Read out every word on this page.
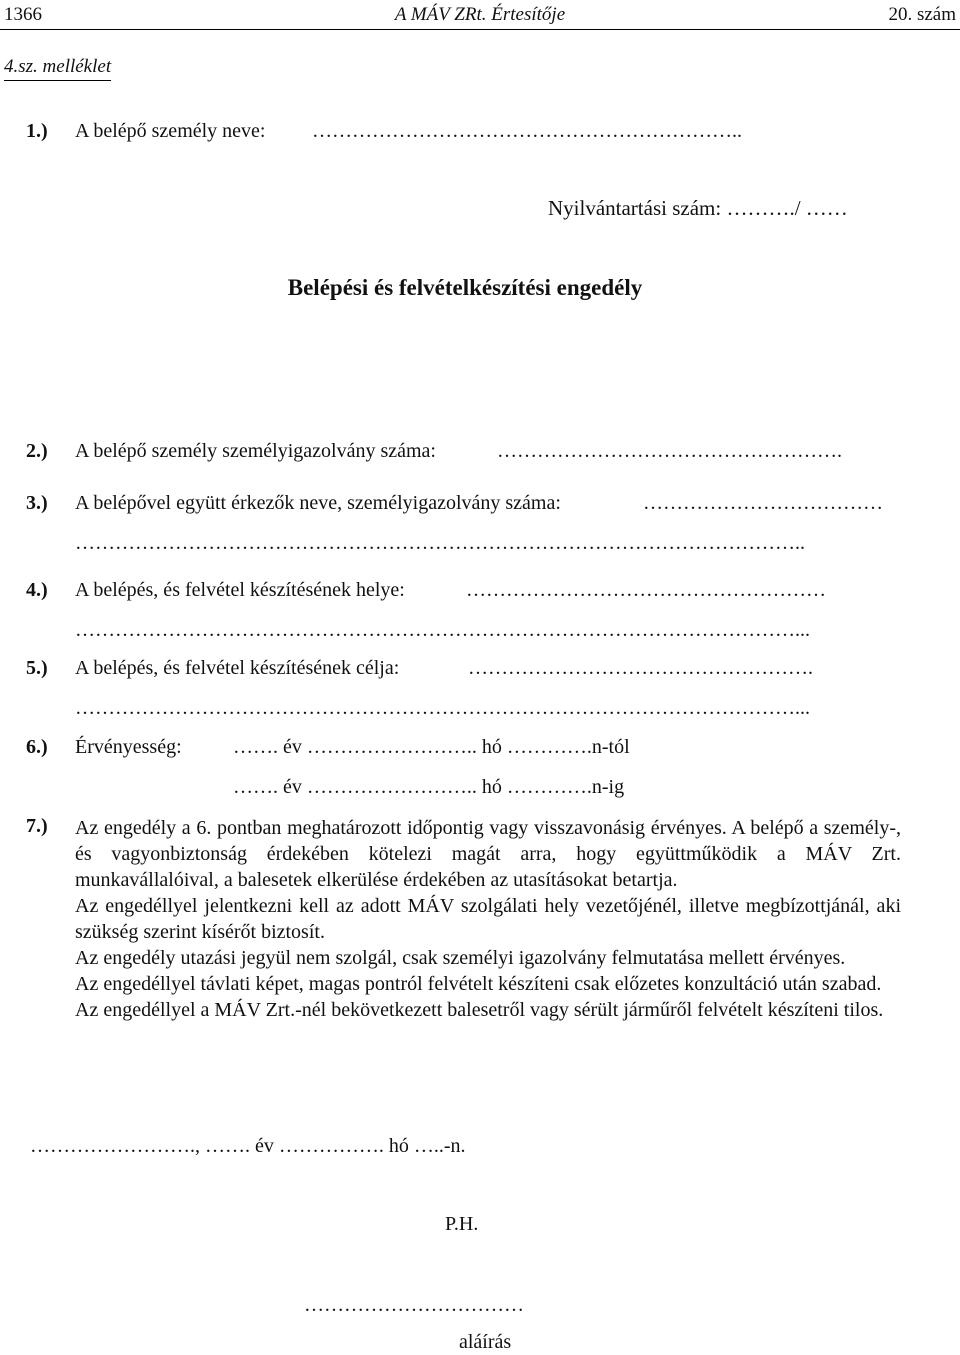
1366	A MÁV ZRt. Értesítője	20. szám
4.sz. melléklet
Nyilvántartási szám: ………./ ……
Belépési és felvételkészítési engedély
1.) A belépő személy neve: ………………………………………………………..
2.) A belépő személy személyigazolvány száma:	…………………………………………….
3.) A belépővel együtt érkezők neve, személyigazolvány száma:	………………………………
………………………………………………………………………………………………..
4.) A belépés, és felvétel készítésének helye:	………………………………………………
………………………………………………………………………………………………...
5.) A belépés, és felvétel készítésének célja:	…………………………………………….
………………………………………………………………………………………………...
6.) Érvényesség:	……. év …………………….. hó ………….n-tól
……. év …………………….. hó ………….n-ig
7.) Az engedély a 6. pontban meghatározott időpontig vagy visszavonásig érvényes. A belépő a személy-, és vagyonbiztonság érdekében kötelezi magát arra, hogy együttműködik a MÁV Zrt. munkavállalóival, a balesetek elkerülése érdekében az utasításokat betartja.

Az engedéllyel jelentkezni kell az adott MÁV szolgálati hely vezetőjénél, illetve megbízottjánál, aki szükség szerint kísérőt biztosít.

Az engedély utazási jegyül nem szolgál, csak személyi igazolvány felmutatása mellett érvényes.

Az engedéllyel távlati képet, magas pontról felvételt készíteni csak előzetes konzultáció után szabad.

Az engedéllyel a MÁV Zrt.-nél bekövetkezett balesetről vagy sérült járműről felvételt készíteni tilos.

……………………., ……. év ……………. hó …..-n.
P.H.
……………………………
aláírás
